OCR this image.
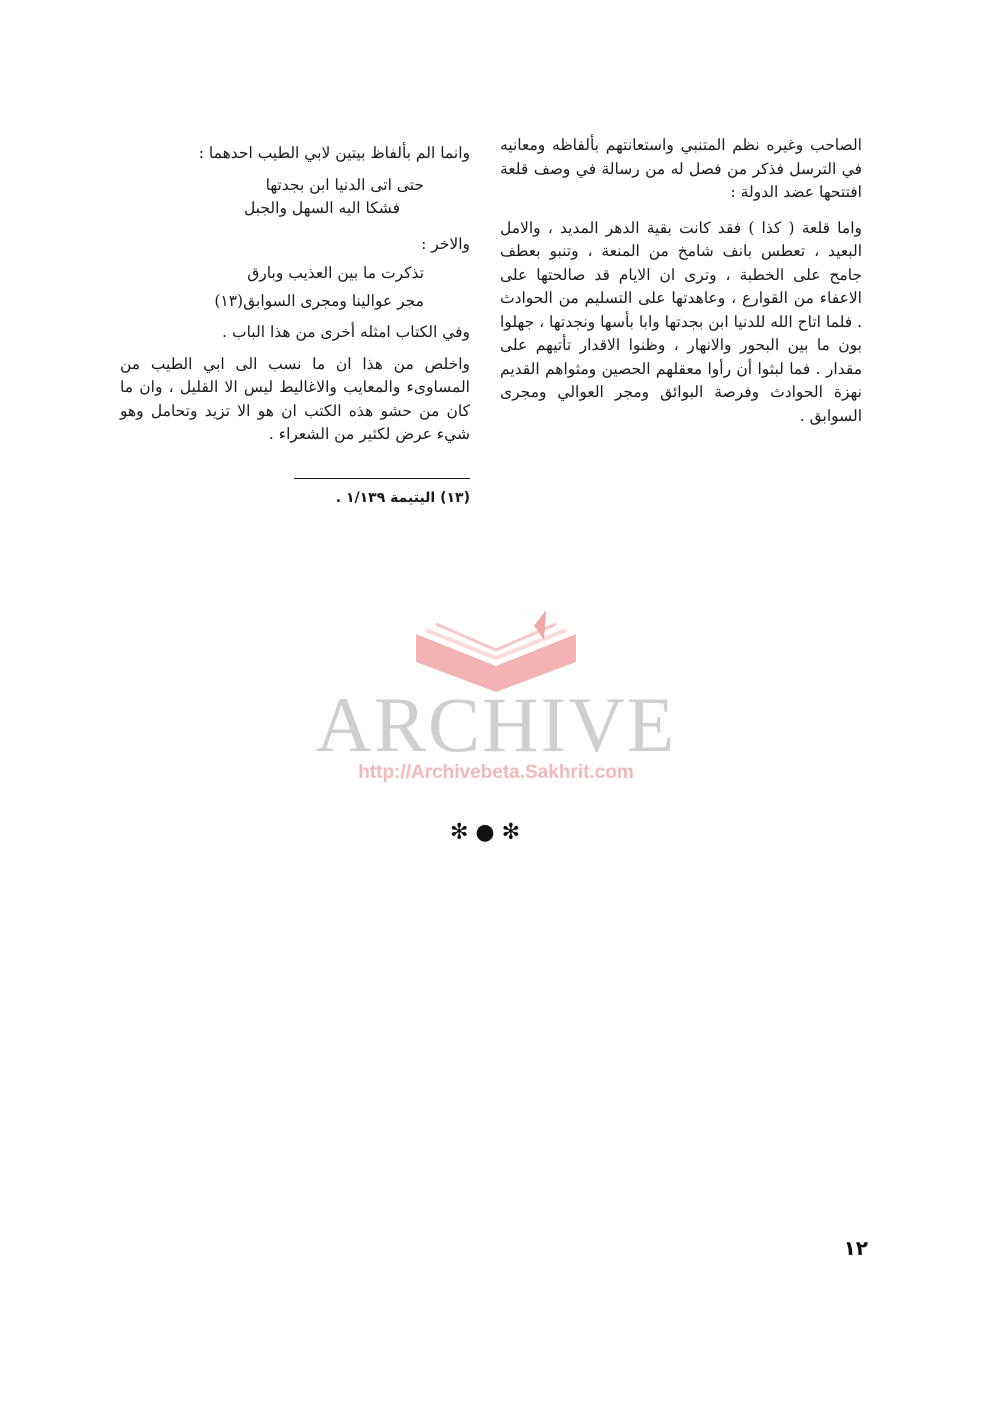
الصاحب وغيره نظم المتنبي واستعانتهم بألفاظه ومعانيه في الترسل فذكر من فصل له من رسالة في وصف قلعة افتتحها عضد الدولة :

واما قلعة ( كذا ) فقد كانت بقية الدهر المديد ، والامل البعيد ، تعطس بانف شامخ من المنعة ، وتنبو بعطف جامح على الخطبة ، وترى ان الايام قد صالحتها على الاعفاء من القوارع ، وعاهدتها على التسليم من الحوادث . فلما اتاح الله للدنيا ابن بجدتها وابا بأسها ونجدتها ، جهلوا بون ما بين البحور والانهار ، وظنوا الاقدار تأتيهم على مقدار . فما لبثوا أن رأوا معقلهم الحصين ومثواهم القديم نهزة الحوادث وفرصة البوائق ومجر العوالي ومجرى السوابق .

وانما الم بألفاظ بيتين لابي الطيب احدهما :

حتى اتى الدنيا ابن بجدتها

فشكا اليه السهل والجبل

والاخر :

تذكرت ما بين العذيب وبارق

مجر عوالينا ومجرى السوابق(١٣)

وفي الكتاب امثله أخرى من هذا الباب .

واخلص من هذا ان ما نسب الى ابي الطيب من المساوىء والمعايب والاغاليط ليس الا القليل ، وان ما كان من حشو هذه الكتب ان هو الا تزيد وتحامل وهو شيء عرض لكثير من الشعراء .

(١٣) اليتيمة ١/١٣٩ .
ARCHIVE
http://Archivebeta.Sakhrit.com
✻ ● ✻
١٢
